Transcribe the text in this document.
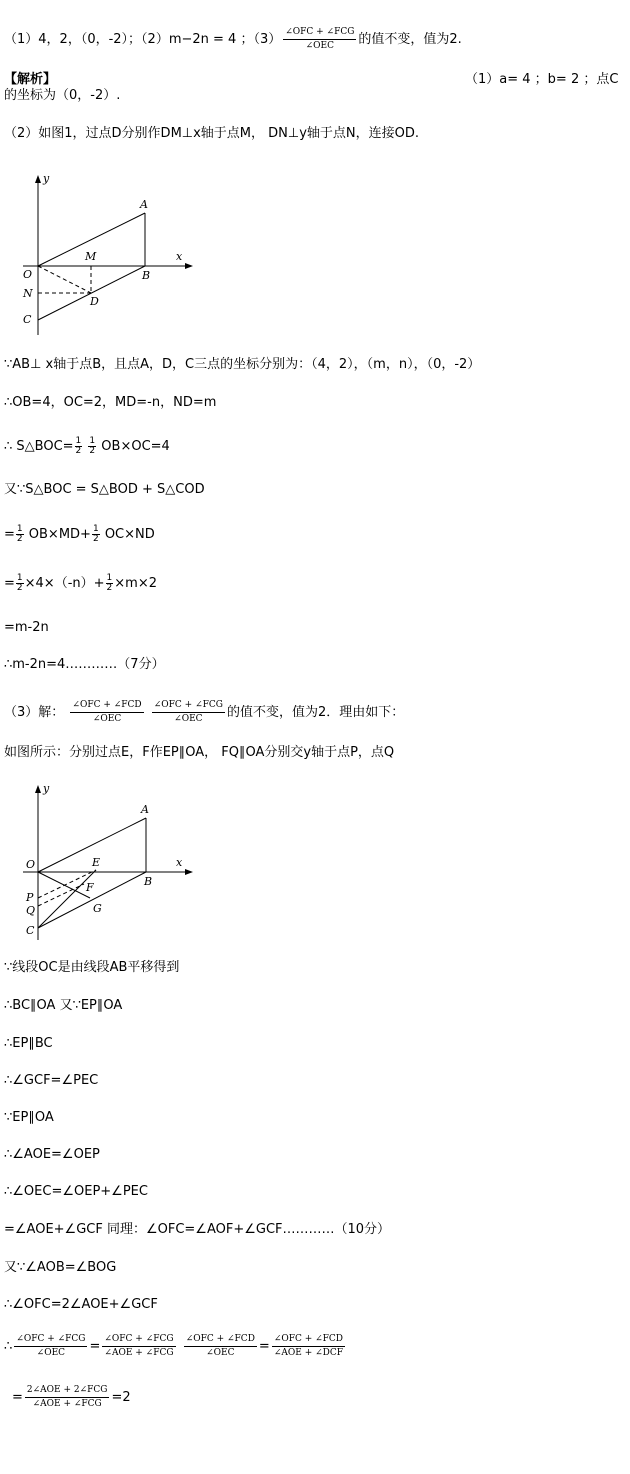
（1）4，2，（0，-2）；（2）m−2n = 4 ；$(3) \frac{\text{∠OFC + ∠FCG}}{\text{∠OEC}}$ 的值不变，值为2.
【解析】	（1）a= 4 ；b= 2 ；点C
的坐标为（0，-2）.
（2）如图1，过点D分别作DM⊥x轴于点M， DN⊥y轴于点N，连接OD.
y
x
A
M
O	B
N
D
C
∵AB⊥ x轴于点B，且点A，D，C三点的坐标分别为：（4，2），（m，n），（0，-2）
∴OB=4，OC=2，MD=-n，ND=m
∴ S△BOC= $\frac{1}{2}$
$\frac{1}{2} OB\times OC=4$
又∵S△BOC = S△BOD + S△COD
= $\frac{1}{2} OB\times MD+ \frac{1}{2} OC\times ND$
= $\frac{1}{2} \times 4\times(-n)+ \frac{1}{2} \times m\times 2$
=m-2n
∴m-2n=4…………（7分）
（3）解： $\frac{\text{∠OFC + ∠FCD}}{\text{∠OEC}}$
$\frac{\text{∠OFC + ∠FCG}}{\text{∠OEC}}$ 的值不变，值为2．理由如下：
如图所示：分别过点E，F作EP∥OA， FQ∥OA分别交y轴于点P，点Q
y
x
A
O	E
F	B
P
Q	G
C
∵线段OC是由线段AB平移得到
∴BC∥OA 又∵EP∥OA
∴EP∥BC
∴∠GCF=∠PEC
∵EP∥OA
∴∠AOE=∠OEP
∴∠OEC=∠OEP+∠PEC
=∠AOE+∠GCF 同理：∠OFC=∠AOF+∠GCF…………（10分）
又∵∠AOB=∠BOG
∴∠OFC=2∠AOE+∠GCF
∴ $\frac{\text{∠OFC + ∠FCG}}{\text{∠OEC}} = \frac{\text{∠OFC + ∠FCG}}{\text{∠AOE + ∠FCG}}$
$\frac{\text{∠OFC + ∠FCD}}{\text{∠OEC}} = \frac{\text{∠OFC + ∠FCD}}{\text{∠AOE + ∠DCF}}$
= $\frac{\text{2∠AOE + 2∠FCG}}{\text{∠AOE + ∠FCG}} =2$
